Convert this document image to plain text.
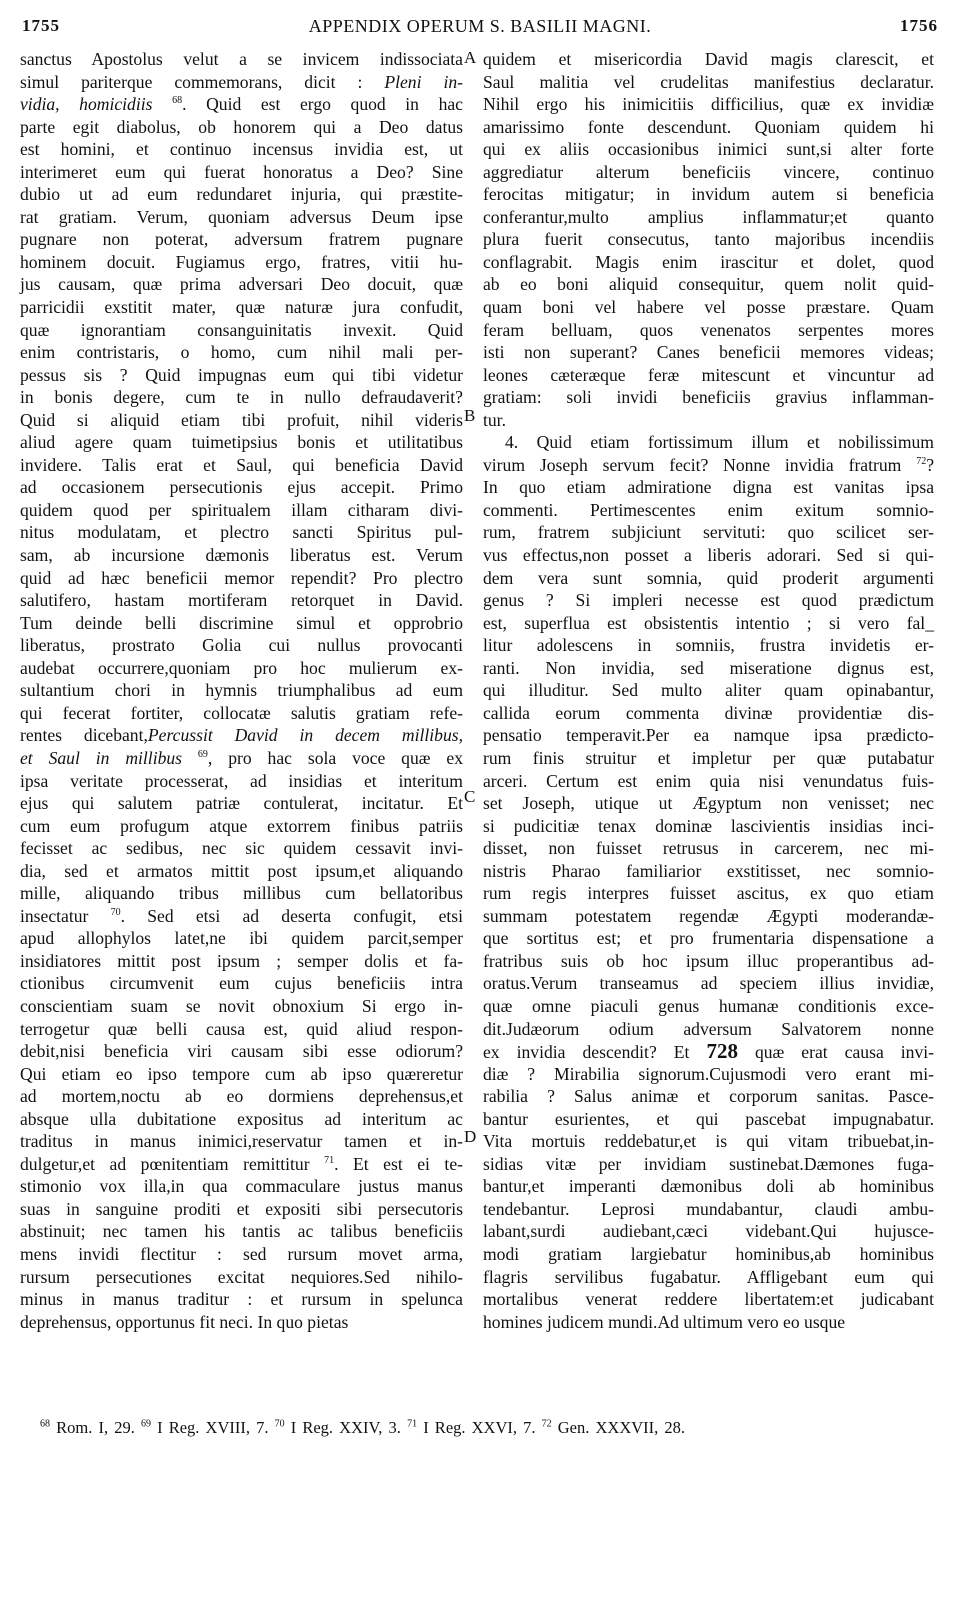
1755	APPENDIX OPERUM S. BASILII MAGNI.	1756
sanctus Apostolus velut a se invicem indissociata
simul pariterque commemorans, dicit : Pleni in-
vidia, homicidiis $^{68}$. Quid est ergo quod in hac
parte egit diabolus, ob honorem qui a Deo datus
est homini, et continuo incensus invidia est, ut
interimeret eum qui fuerat honoratus a Deo? Sine
dubio ut ad eum redundaret injuria, qui præstite-
rat gratiam. Verum, quoniam adversus Deum ipse
pugnare non poterat, adversum fratrem pugnare
hominem docuit. Fugiamus ergo, fratres, vitii hu-
jus causam, quæ prima adversari Deo docuit, quæ
parricidii exstitit mater, quæ naturæ jura confudit,
quæ ignorantiam consanguinitatis invexit. Quid
enim contristaris, o homo, cum nihil mali per-
pessus sis ? Quid impugnas eum qui tibi videtur
in bonis degere, cum te in nullo defraudaverit?
Quid si aliquid etiam tibi profuit, nihil videris
aliud agere quam tuimetipsius bonis et utilitatibus
invidere. Talis erat et Saul, qui beneficia David
ad occasionem persecutionis ejus accepit. Primo
quidem quod per spiritualem illam citharam divi-
nitus modulatam, et plectro sancti Spiritus pul-
sam, ab incursione dæmonis liberatus est. Verum
quid ad hæc beneficii memor rependit? Pro plectro
salutifero, hastam mortiferam retorquet in David.
Tum deinde belli discrimine simul et opprobrio
liberatus, prostrato Golia cui nullus provocanti
audebat occurrere,quoniam pro hoc mulierum ex-
sultantium chori in hymnis triumphalibus ad eum
qui fecerat fortiter, collocatæ salutis gratiam refe-
rentes dicebant,Percussit David in decem millibus,
et Saul in millibus $^{69}$, pro hac sola voce quæ ex
ipsa veritate processerat, ad insidias et interitum
ejus qui salutem patriæ contulerat, incitatur. Et
cum eum profugum atque extorrem finibus patriis
fecisset ac sedibus, nec sic quidem cessavit invi-
dia, sed et armatos mittit post ipsum,et aliquando
mille, aliquando tribus millibus cum bellatoribus
insectatur $^{70}$. Sed etsi ad deserta confugit, etsi
apud allophylos latet,ne ibi quidem parcit,semper
insidiatores mittit post ipsum ; semper dolis et fa-
ctionibus circumvenit eum cujus beneficiis intra
conscientiam suam se novit obnoxium Si ergo in-
terrogetur quæ belli causa est, quid aliud respon-
debit,nisi beneficia viri causam sibi esse odiorum?
Qui etiam eo ipso tempore cum ab ipso quæreretur
ad mortem,noctu ab eo dormiens deprehensus,et
absque ulla dubitatione expositus ad interitum ac
traditus in manus inimici,reservatur tamen et in-
dulgetur,et ad pœnitentiam remittitur $^{71}$. Et est ei te-
stimonio vox illa,in qua commaculare justus manus
suas in sanguine proditi et expositi sibi persecutoris
abstinuit; nec tamen his tantis ac talibus beneficiis
mens invidi flectitur : sed rursum movet arma,
rursum persecutiones excitat nequiores.Sed nihilo-
minus in manus traditur : et rursum in spelunca
deprehensus, opportunus fit neci. In quo pietas
quidem et misericordia David magis clarescit, et
Saul malitia vel crudelitas manifestius declaratur.
Nihil ergo his inimicitiis difficilius, quæ ex invidiæ
amarissimo fonte descendunt. Quoniam quidem hi
qui ex aliis occasionibus inimici sunt,si alter forte
aggrediatur alterum beneficiis vincere, continuo
ferocitas mitigatur; in invidum autem si beneficia
conferantur,multo amplius inflammatur;et quanto
plura fuerit consecutus, tanto majoribus incendiis
conflagrabit. Magis enim irascitur et dolet, quod
ab eo boni aliquid consequitur, quem nolit quid-
quam boni vel habere vel posse præstare. Quam
feram belluam, quos venenatos serpentes mores
isti non superant? Canes beneficii memores videas;
leones cæteræque feræ mitescunt et vincuntur ad
gratiam: soli invidi beneficiis gravius inflamman-
tur.
4. Quid etiam fortissimum illum et nobilissimum
virum Joseph servum fecit? Nonne invidia fratrum $^{72}$?
In quo etiam admiratione digna est vanitas ipsa
commenti. Pertimescentes enim exitum somnio-
rum, fratrem subjiciunt servituti: quo scilicet ser-
vus effectus,non posset a liberis adorari. Sed si qui-
dem vera sunt somnia, quid proderit argumenti
genus ? Si impleri necesse est quod prædictum
est, superflua est obsistentis intentio ; si vero fal_
litur adolescens in somniis, frustra invidetis er-
ranti. Non invidia, sed miseratione dignus est,
qui illuditur. Sed multo aliter quam opinabantur,
callida eorum commenta divinæ providentiæ dis-
pensatio temperavit.Per ea namque ipsa prædicto-
rum finis struitur et impletur per quæ putabatur
arceri. Certum est enim quia nisi venundatus fuis-
set Joseph, utique ut Ægyptum non venisset; nec
si pudicitiæ tenax dominæ lascivientis insidias inci-
disset, non fuisset retrusus in carcerem, nec mi-
nistris Pharao familiarior exstitisset, nec somnio-
rum regis interpres fuisset ascitus, ex quo etiam
summam potestatem regendæ Ægypti moderandæ-
que sortitus est; et pro frumentaria dispensatione a
fratribus suis ob hoc ipsum illuc properantibus ad-
oratus.Verum transeamus ad speciem illius invidiæ,
quæ omne piaculi genus humanæ conditionis exce-
dit.Judæorum odium adversum Salvatorem nonne
ex invidia descendit? Et 728 quæ erat causa invi-
diæ ? Mirabilia signorum.Cujusmodi vero erant mi-
rabilia ? Salus animæ et corporum sanitas. Pasce-
bantur esurientes, et qui pascebat impugnabatur.
Vita mortuis reddebatur,et is qui vitam tribuebat,in-
sidias vitæ per invidiam sustinebat.Dæmones fuga-
bantur,et imperanti dæmonibus doli ab hominibus
tendebantur. Leprosi mundabantur, claudi ambu-
labant,surdi audiebant,cæci videbant.Qui hujusce-
modi gratiam largiebatur hominibus,ab hominibus
flagris servilibus fugabatur. Affligebant eum qui
mortalibus venerat reddere libertatem:et judicabant
homines judicem mundi.Ad ultimum vero eo usque
A
B
C
D
$^{68}$ Rom. I, 29. $^{69}$ I Reg. XVIII, 7. $^{70}$ I Reg. XXIV, 3. $^{71}$ I Reg. XXVI, 7. $^{72}$ Gen. XXXVII, 28.
